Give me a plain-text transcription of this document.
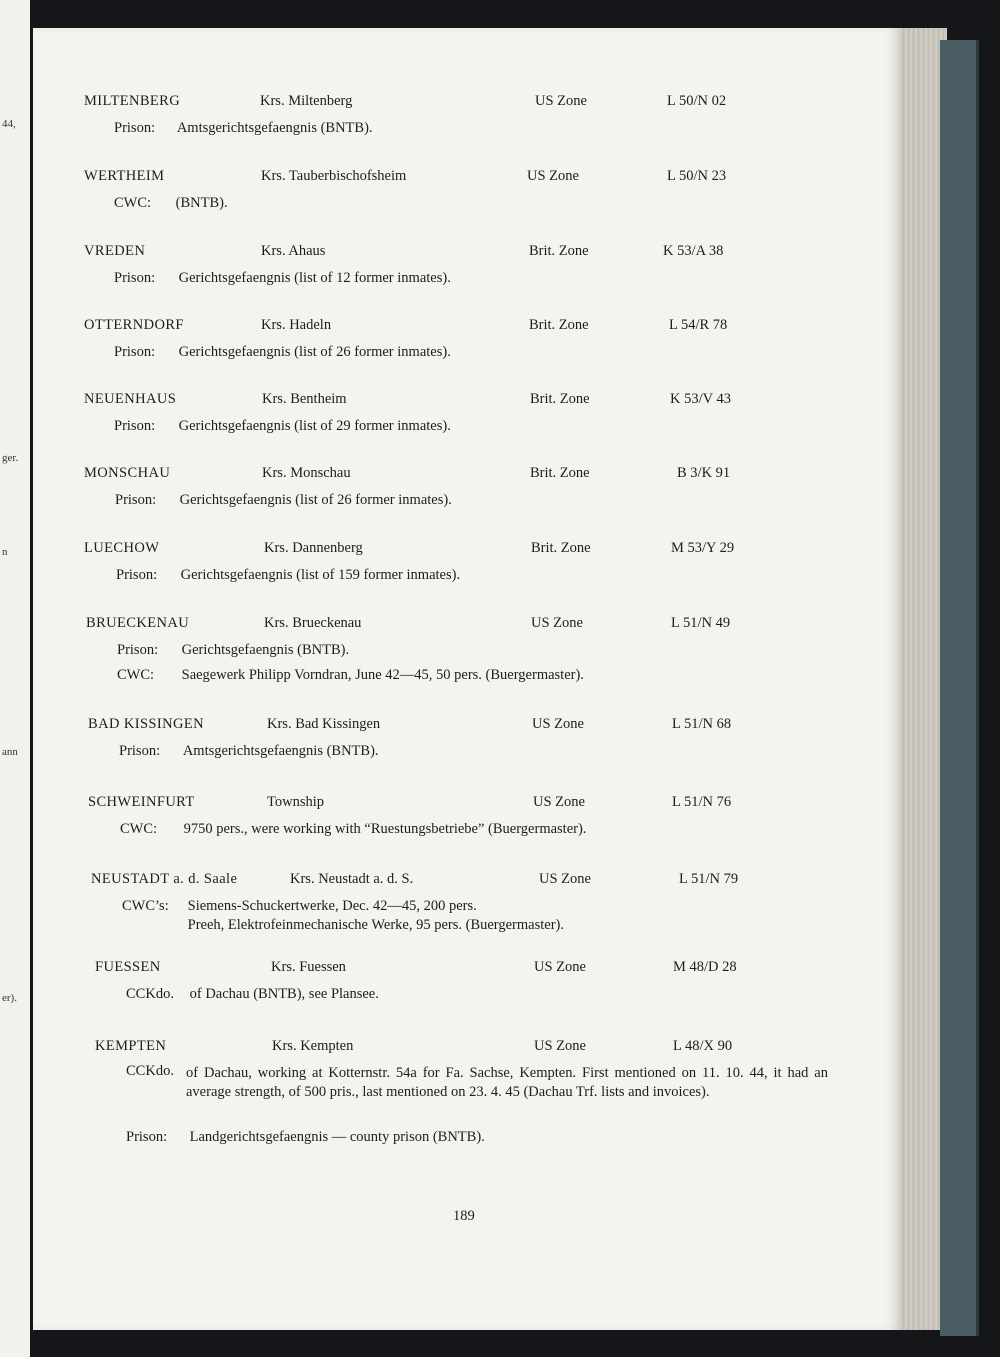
44,
ger.
n
ann
er).
MILTENBERG	Krs. Miltenberg	US Zone	L 50/N 02
Prison: Amtsgerichtsgefaengnis (BNTB).
WERTHEIM	Krs. Tauberbischofsheim	US Zone	L 50/N 23
CWC: (BNTB).
VREDEN	Krs. Ahaus	Brit. Zone	K 53/A 38
Prison: Gerichtsgefaengnis (list of 12 former inmates).
OTTERNDORF	Krs. Hadeln	Brit. Zone	L 54/R 78
Prison: Gerichtsgefaengnis (list of 26 former inmates).
NEUENHAUS	Krs. Bentheim	Brit. Zone	K 53/V 43
Prison: Gerichtsgefaengnis (list of 29 former inmates).
MONSCHAU	Krs. Monschau	Brit. Zone	B 3/K 91
Prison: Gerichtsgefaengnis (list of 26 former inmates).
LUECHOW	Krs. Dannenberg	Brit. Zone	M 53/Y 29
Prison: Gerichtsgefaengnis (list of 159 former inmates).
BRUECKENAU	Krs. Brueckenau	US Zone	L 51/N 49
Prison: Gerichtsgefaengnis (BNTB).
CWC: Saegewerk Philipp Vorndran, June 42—45, 50 pers. (Buergermaster).
BAD KISSINGEN	Krs. Bad Kissingen	US Zone	L 51/N 68
Prison: Amtsgerichtsgefaengnis (BNTB).
SCHWEINFURT	Township	US Zone	L 51/N 76
CWC: 9750 pers., were working with “Ruestungsbetriebe” (Buergermaster).
NEUSTADT a. d. Saale	Krs. Neustadt a. d. S.	US Zone	L 51/N 79
CWC’s: Siemens-Schuckertwerke, Dec. 42—45, 200 pers.
Preeh, Elektrofeinmechanische Werke, 95 pers. (Buergermaster).
FUESSEN	Krs. Fuessen	US Zone	M 48/D 28
CCKdo. of Dachau (BNTB), see Plansee.
KEMPTEN	Krs. Kempten	US Zone	L 48/X 90
CCKdo. of Dachau, working at Kotternstr. 54a for Fa. Sachse, Kempten. First mentioned on 11. 10. 44, it had an average strength, of 500 pris., last mentioned on 23. 4. 45 (Dachau Trf. lists and invoices).
Prison: Landgerichtsgefaengnis — county prison (BNTB).
189
